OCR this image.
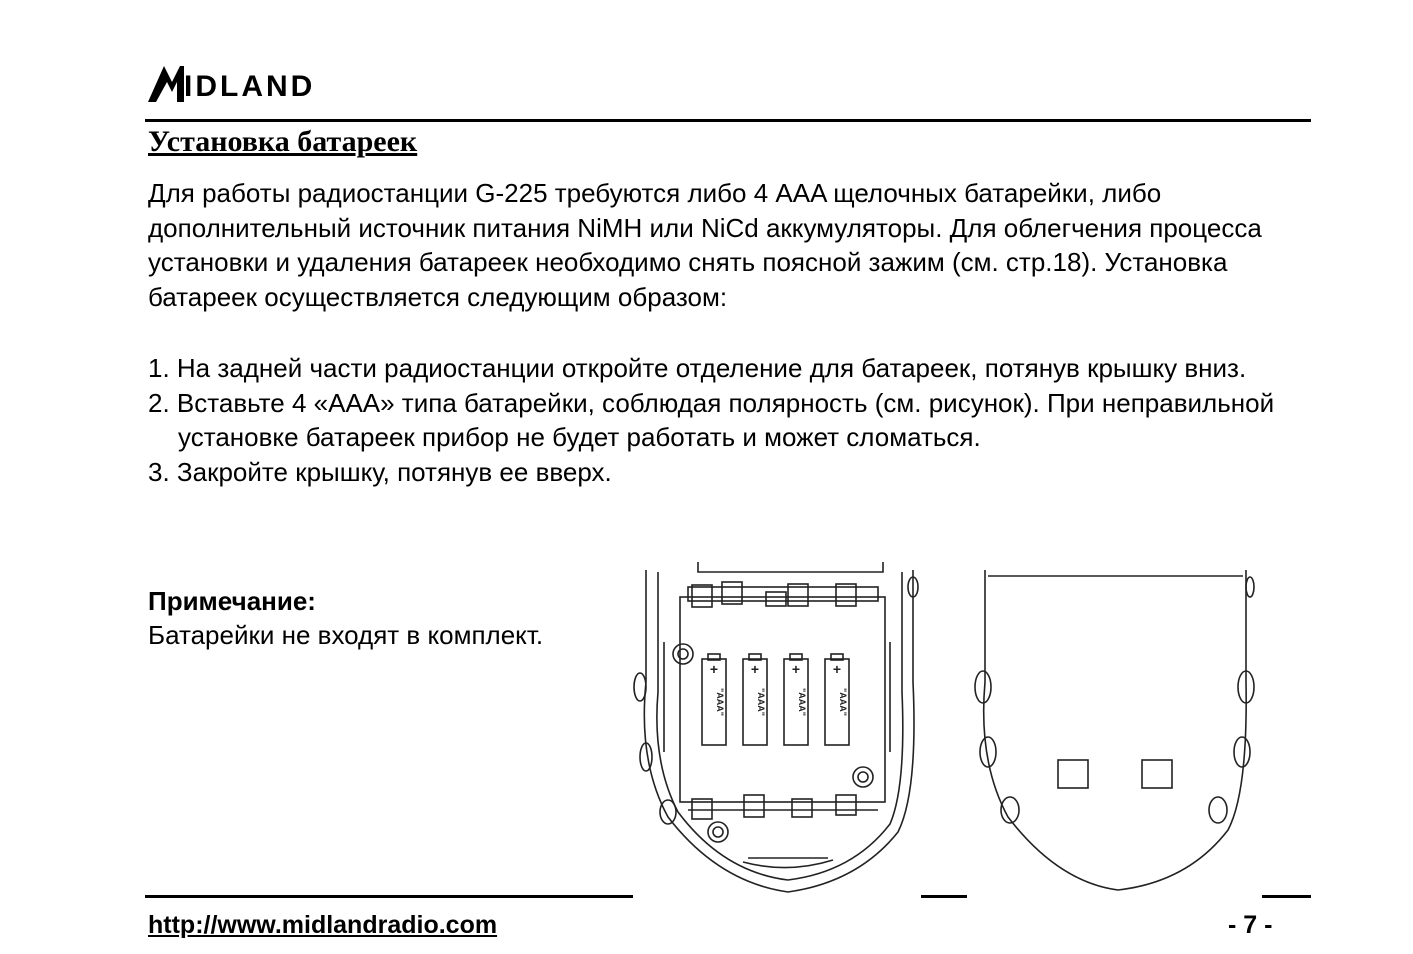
IDLAND
Установка батареек

Для работы радиостанции G-225 требуются либо 4 AAA щелочных батарейки, либо дополнительный источник питания NiMH или NiCd аккумуляторы. Для облегчения процесса установки и удаления батареек необходимо снять поясной зажим (см. стр.18). Установка батареек осуществляется следующим образом:

1. На задней части радиостанции откройте отделение для батареек, потянув крышку вниз.
2. Вставьте 4 «AAA» типа батарейки, соблюдая полярность (см. рисунок). При неправильной установке батареек прибор не будет работать и может сломаться.
3. Закройте крышку, потянув ее вверх.
Примечание:
Батарейки не входят в комплект.
+ + + +
"AAA"	"AAA"	"AAA"	"AAA"
http://www.midlandradio.com	- 7 -
